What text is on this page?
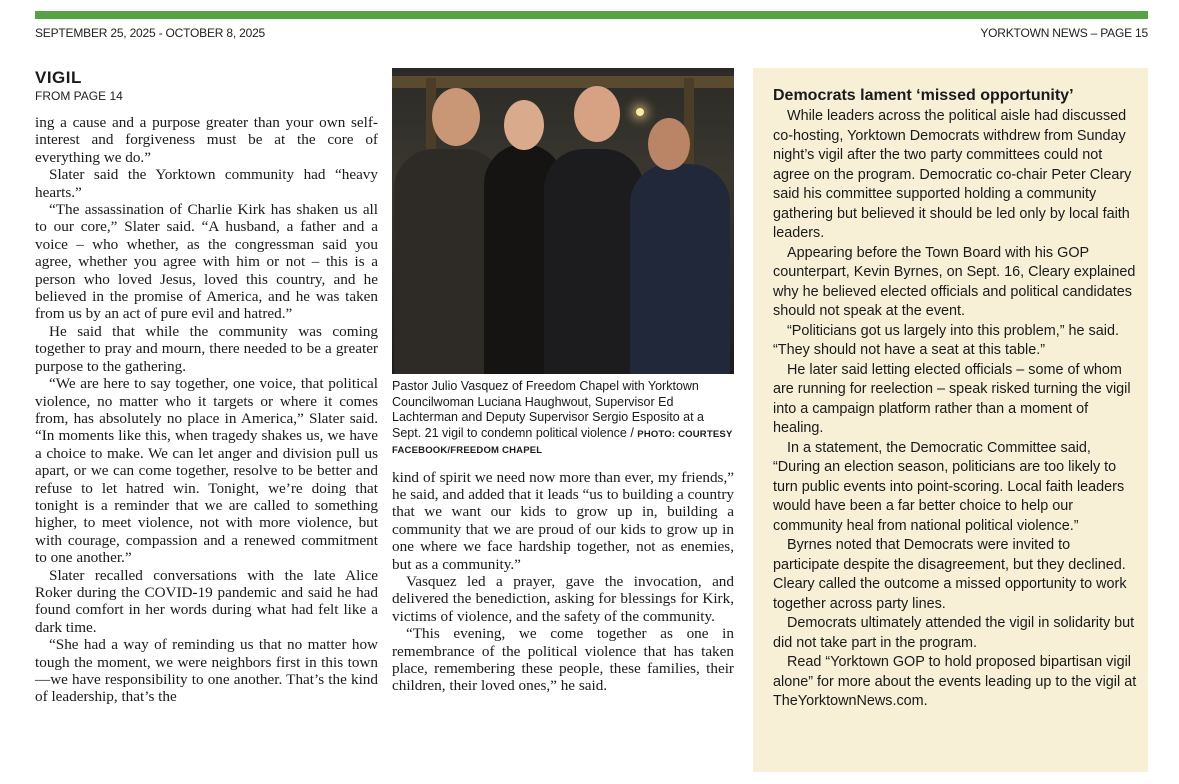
SEPTEMBER 25, 2025 - OCTOBER 8, 2025	YORKTOWN NEWS – PAGE 15
VIGIL
FROM PAGE 14

ing a cause and a purpose greater than your own self-interest and forgiveness must be at the core of everything we do.”

Slater said the Yorktown community had “heavy hearts.”

“The assassination of Charlie Kirk has shaken us all to our core,” Slater said. “A husband, a father and a voice – who whether, as the congressman said you agree, whether you agree with him or not – this is a person who loved Jesus, loved this country, and he believed in the promise of America, and he was taken from us by an act of pure evil and hatred.”

He said that while the community was coming together to pray and mourn, there needed to be a greater purpose to the gathering.

“We are here to say together, one voice, that political violence, no matter who it targets or where it comes from, has absolutely no place in America,” Slater said. “In moments like this, when tragedy shakes us, we have a choice to make. We can let anger and division pull us apart, or we can come together, resolve to be better and refuse to let hatred win. Tonight, we’re doing that tonight is a reminder that we are called to something higher, to meet violence, not with more violence, but with courage, compassion and a renewed commitment to one another.”

Slater recalled conversations with the late Alice Roker during the COVID-19 pandemic and said he had found comfort in her words during what had felt like a dark time.

“She had a way of reminding us that no matter how tough the moment, we were neighbors first in this town—we have responsibility to one another. That’s the kind of leadership, that’s the

Pastor Julio Vasquez of Freedom Chapel with Yorktown Councilwoman Luciana Haughwout, Supervisor Ed Lachterman and Deputy Supervisor Sergio Esposito at a Sept. 21 vigil to condemn political violence / PHOTO: COURTESY FACEBOOK/FREEDOM CHAPEL

kind of spirit we need now more than ever, my friends,” he said, and added that it leads “us to building a country that we want our kids to grow up in, building a community that we are proud of our kids to grow up in one where we face hardship together, not as enemies, but as a community.”

Vasquez led a prayer, gave the invocation, and delivered the benediction, asking for blessings for Kirk, victims of violence, and the safety of the community.

“This evening, we come together as one in remembrance of the political violence that has taken place, remembering these people, these families, their children, their loved ones,” he said.

Democrats lament ‘missed opportunity’

While leaders across the political aisle had discussed co-hosting, Yorktown Democrats withdrew from Sunday night’s vigil after the two party committees could not agree on the program. Democratic co-chair Peter Cleary said his committee supported holding a community gathering but believed it should be led only by local faith leaders.

Appearing before the Town Board with his GOP counterpart, Kevin Byrnes, on Sept. 16, Cleary explained why he believed elected officials and political candidates should not speak at the event.

“Politicians got us largely into this problem,” he said. “They should not have a seat at this table.”

He later said letting elected officials – some of whom are running for reelection – speak risked turning the vigil into a campaign platform rather than a moment of healing.

In a statement, the Democratic Committee said, “During an election season, politicians are too likely to turn public events into point-scoring. Local faith leaders would have been a far better choice to help our community heal from national political violence.”

Byrnes noted that Democrats were invited to participate despite the disagreement, but they declined. Cleary called the outcome a missed opportunity to work together across party lines.

Democrats ultimately attended the vigil in solidarity but did not take part in the program.

Read “Yorktown GOP to hold proposed bipartisan vigil alone” for more about the events leading up to the vigil at TheYorktownNews.com.
